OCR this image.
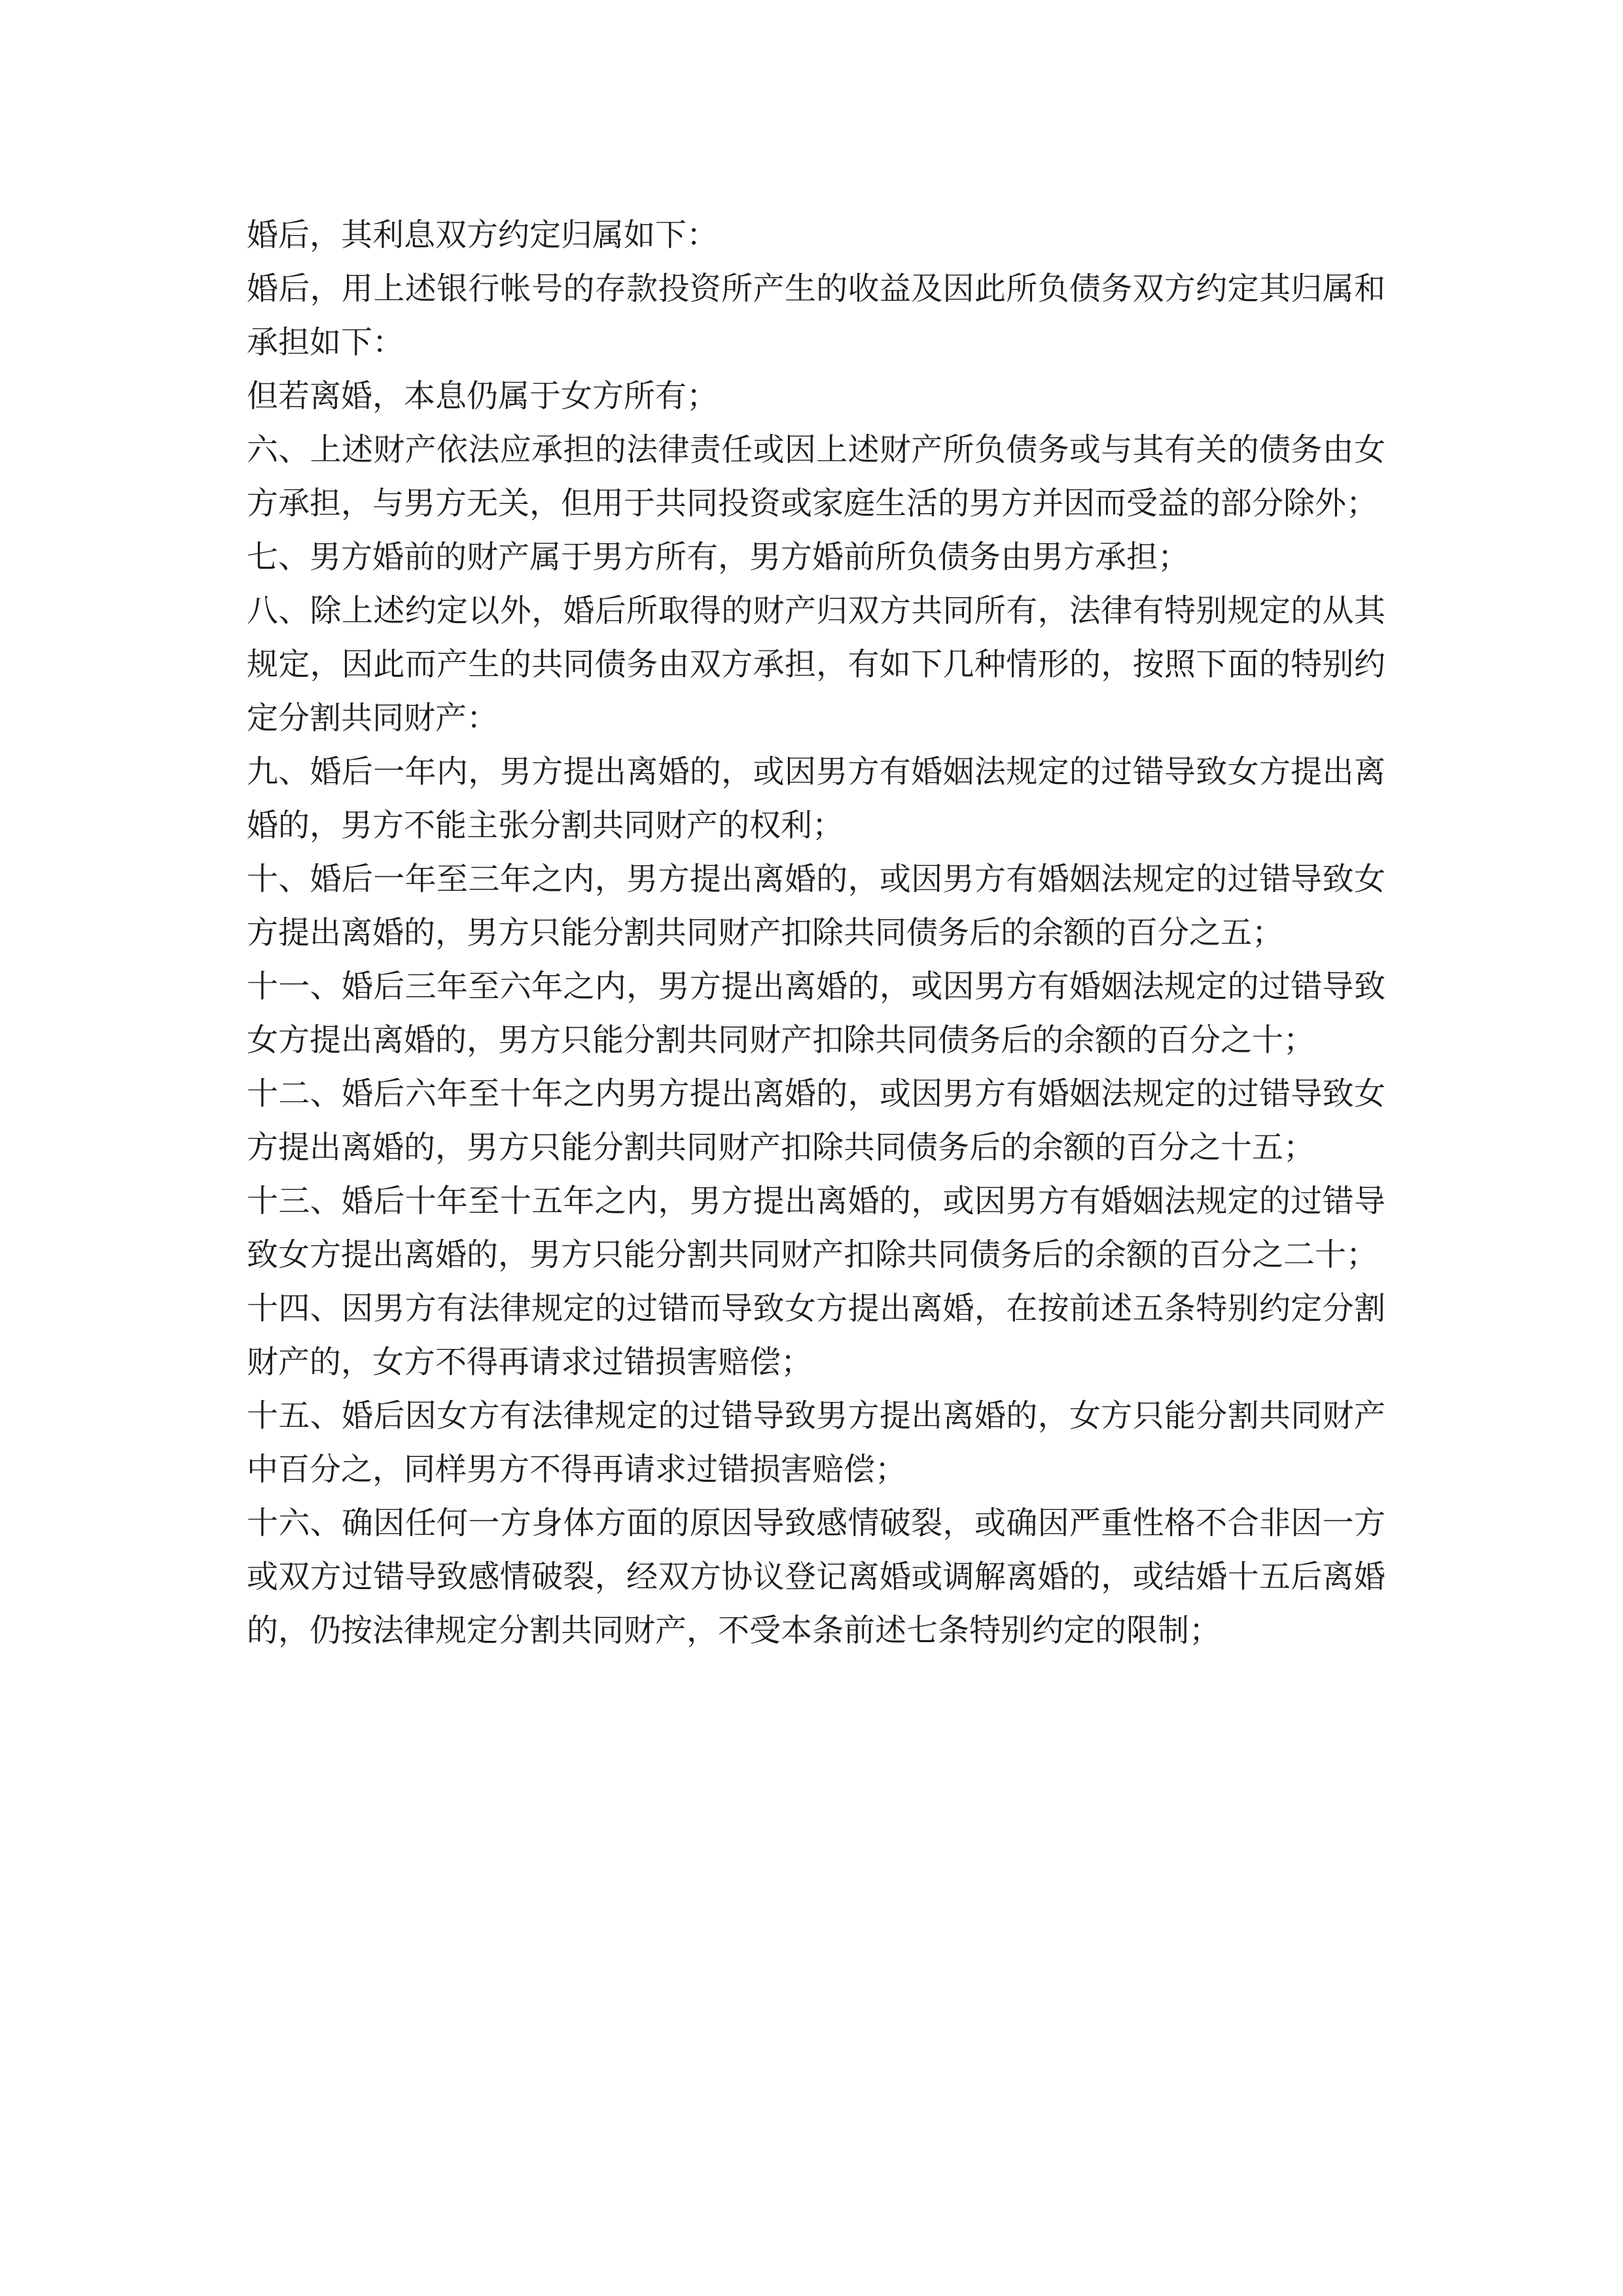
婚后，其利息双方约定归属如下：

婚后，用上述银行帐号的存款投资所产生的收益及因此所负债务双方约定其归属和承担如下：

但若离婚，本息仍属于女方所有；

六、上述财产依法应承担的法律责任或因上述财产所负债务或与其有关的债务由女方承担，与男方无关，但用于共同投资或家庭生活的男方并因而受益的部分除外；

七、男方婚前的财产属于男方所有，男方婚前所负债务由男方承担；

八、除上述约定以外，婚后所取得的财产归双方共同所有，法律有特别规定的从其规定，因此而产生的共同债务由双方承担，有如下几种情形的，按照下面的特别约定分割共同财产：

九、婚后一年内，男方提出离婚的，或因男方有婚姻法规定的过错导致女方提出离婚的，男方不能主张分割共同财产的权利；

十、婚后一年至三年之内，男方提出离婚的，或因男方有婚姻法规定的过错导致女方提出离婚的，男方只能分割共同财产扣除共同债务后的余额的百分之五；

十一、婚后三年至六年之内，男方提出离婚的，或因男方有婚姻法规定的过错导致女方提出离婚的，男方只能分割共同财产扣除共同债务后的余额的百分之十；

十二、婚后六年至十年之内男方提出离婚的，或因男方有婚姻法规定的过错导致女方提出离婚的，男方只能分割共同财产扣除共同债务后的余额的百分之十五；

十三、婚后十年至十五年之内，男方提出离婚的，或因男方有婚姻法规定的过错导致女方提出离婚的，男方只能分割共同财产扣除共同债务后的余额的百分之二十；

十四、因男方有法律规定的过错而导致女方提出离婚，在按前述五条特别约定分割财产的，女方不得再请求过错损害赔偿；

十五、婚后因女方有法律规定的过错导致男方提出离婚的，女方只能分割共同财产中百分之，同样男方不得再请求过错损害赔偿；

十六、确因任何一方身体方面的原因导致感情破裂，或确因严重性格不合非因一方或双方过错导致感情破裂，经双方协议登记离婚或调解离婚的，或结婚十五后离婚的，仍按法律规定分割共同财产，不受本条前述七条特别约定的限制；
